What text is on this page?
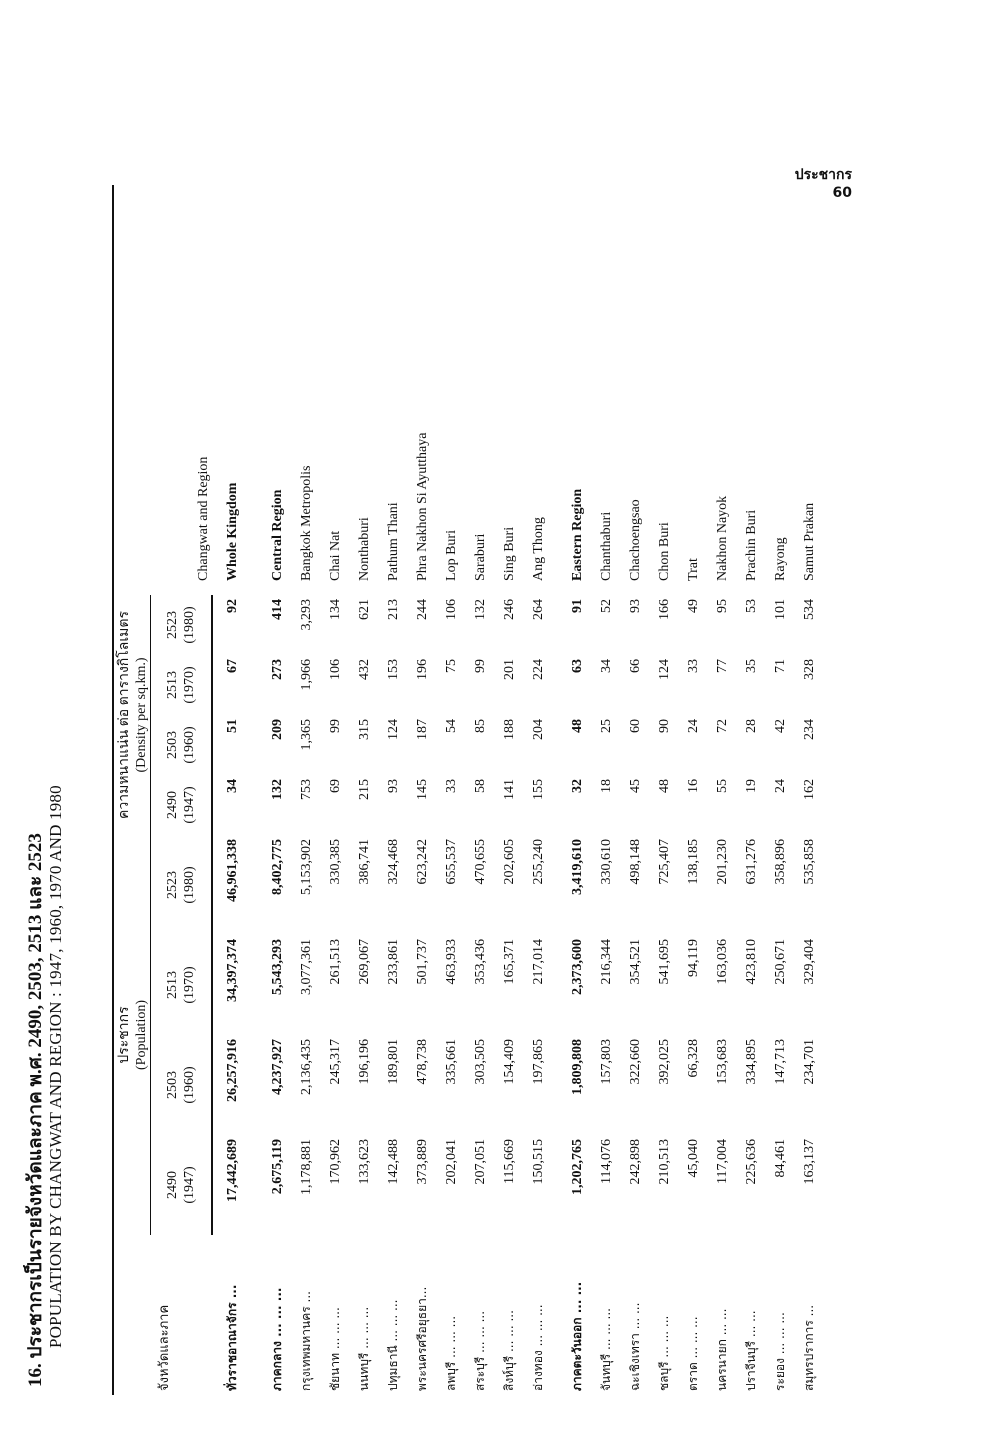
ประชากร
60
16. ประชากรเป็นรายจังหวัดและภาค พ.ศ. 2490, 2503, 2513 และ 2523 POPULATION BY CHANGWAT AND REGION : 1947, 1960, 1970 AND 1980	จังหวัดและภาค	ประชากร (Population)				ความหนาแน่น ต่อ ตารางกิโลเมตร (Density per sq.km.)				Changwat and Region

	2490 (1947)	2503 (1960)	2513 (1970)	2523 (1980)	2490 (1947)	2503 (1960)	2513 (1970)	2523 (1980)	

ทั่วราชอาณาจักร ...	17,442,689	26,257,916	34,397,374	46,961,338	34	51	67	92	Whole Kingdom

ภาคกลาง ... ... ...	2,675,119	4,237,927	5,543,293	8,402,775	132	209	273	414	Central Region
กรุงเทพมหานคร ...	1,178,881	2,136,435	3,077,361	5,153,902	753	1,365	1,966	3,293	Bangkok Metropolis
ชัยนาท ... ... ...	170,962	245,317	261,513	330,385	69	99	106	134	Chai Nat
นนทบุรี ... ... ...	133,623	196,196	269,067	386,741	215	315	432	621	Nonthaburi
ปทุมธานี ... ... ...	142,488	189,801	233,861	324,468	93	124	153	213	Pathum Thani
พระนครศรีอยุธยา...	373,889	478,738	501,737	623,242	145	187	196	244	Phra Nakhon Si Ayutthaya
ลพบุรี ... ... ...	202,041	335,661	463,933	655,537	33	54	75	106	Lop Buri
สระบุรี ... ... ...	207,051	303,505	353,436	470,655	58	85	99	132	Saraburi
สิงห์บุรี ... ... ...	115,669	154,409	165,371	202,605	141	188	201	246	Sing Buri
อ่างทอง ... ... ...	150,515	197,865	217,014	255,240	155	204	224	264	Ang Thong

ภาคตะวันออก ... ...	1,202,765	1,809,808	2,373,600	3,419,610	32	48	63	91	Eastern Region
จันทบุรี ... ... ...	114,076	157,803	216,344	330,610	18	25	34	52	Chanthaburi
ฉะเชิงเทรา ... ...	242,898	322,660	354,521	498,148	45	60	66	93	Chachoengsao
ชลบุรี ... ... ...	210,513	392,025	541,695	725,407	48	90	124	166	Chon Buri
ตราด ... ... ...	45,040	66,328	94,119	138,185	16	24	33	49	Trat
นครนายก ... ...	117,004	153,683	163,036	201,230	55	72	77	95	Nakhon Nayok
ปราจีนบุรี ... ...	225,636	334,895	423,810	631,276	19	28	35	53	Prachin Buri
ระยอง ... ... ...	84,461	147,713	250,671	358,896	24	42	71	101	Rayong
สมุทรปราการ ...	163,137	234,701	329,404	535,858	162	234	328	534	Samut Prakan
